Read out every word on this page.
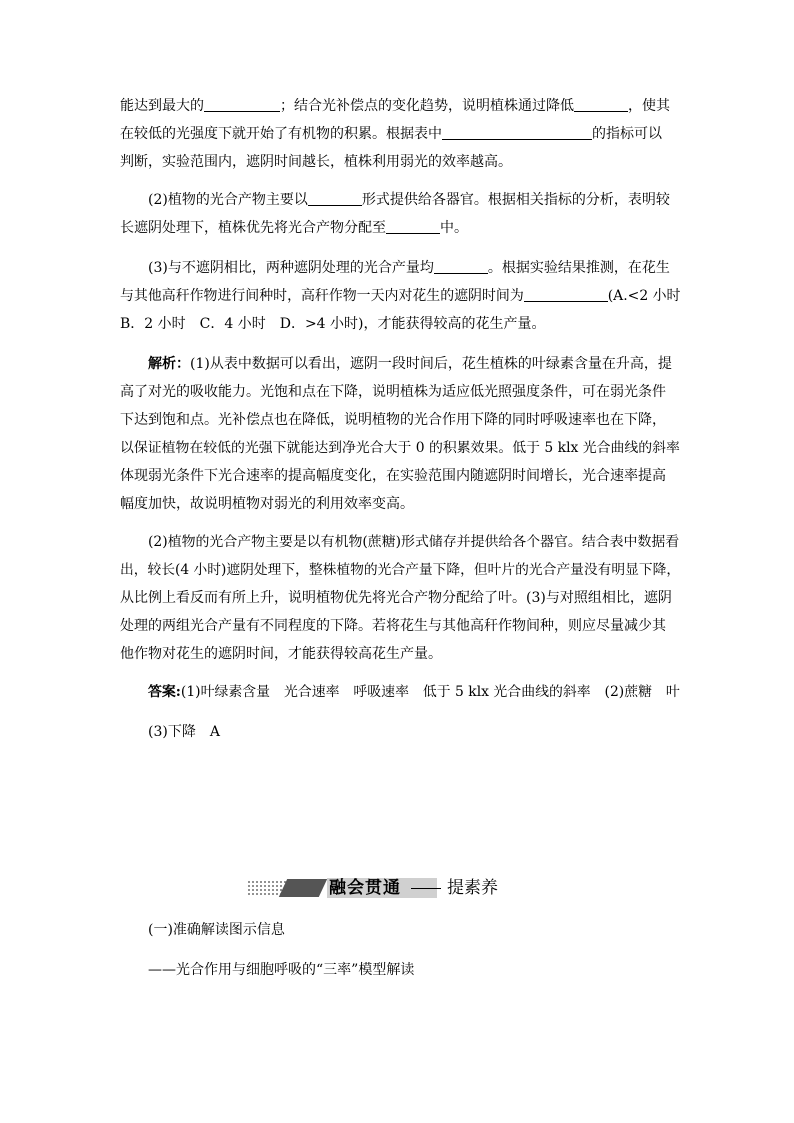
能达到最大的	；结合光补偿点的变化趋势，说明植株通过降低	，使其
在较低的光强度下就开始了有机物的积累。根据表中	的指标可以
判断，实验范围内，遮阴时间越长，植株利用弱光的效率越高。
(2)植物的光合产物主要以	形式提供给各器官。根据相关指标的分析，表明较
长遮阴处理下，植株优先将光合产物分配至	中。
(3)与不遮阴相比，两种遮阴处理的光合产量均	。根据实验结果推测，在花生
与其他高秆作物进行间种时，高秆作物一天内对花生的遮阴时间为	(A.<2 小时
B．2 小时　C．4 小时　D．>4 小时)，才能获得较高的花生产量。
解析：(1)从表中数据可以看出，遮阴一段时间后，花生植株的叶绿素含量在升高，提
高了对光的吸收能力。光饱和点在下降，说明植株为适应低光照强度条件，可在弱光条件
下达到饱和点。光补偿点也在降低，说明植物的光合作用下降的同时呼吸速率也在下降，
以保证植物在较低的光强下就能达到净光合大于 0 的积累效果。低于 5 klx 光合曲线的斜率
体现弱光条件下光合速率的提高幅度变化，在实验范围内随遮阴时间增长，光合速率提高
幅度加快，故说明植物对弱光的利用效率变高。
(2)植物的光合产物主要是以有机物(蔗糖)形式储存并提供给各个器官。结合表中数据看
出，较长(4 小时)遮阴处理下，整株植物的光合产量下降，但叶片的光合产量没有明显下降，
从比例上看反而有所上升，说明植物优先将光合产物分配给了叶。(3)与对照组相比，遮阴
处理的两组光合产量有不同程度的下降。若将花生与其他高秆作物间种，则应尽量减少其
他作物对花生的遮阴时间，才能获得较高花生产量。
答案:(1)叶绿素含量　光合速率　呼吸速率　低于 5 klx 光合曲线的斜率　(2)蔗糖　叶
(3)下降　A
融会贯通	提素养
(一)准确解读图示信息
——光合作用与细胞呼吸的“三率”模型解读
